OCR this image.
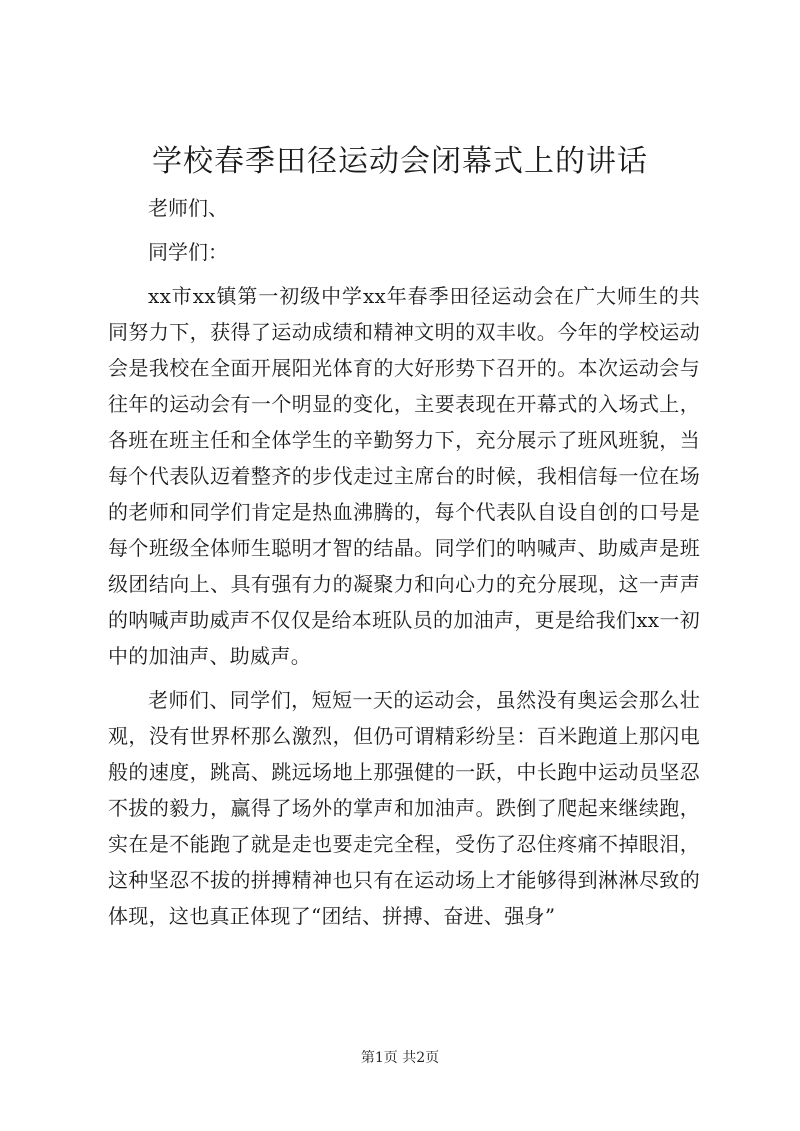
学校春季田径运动会闭幕式上的讲话

老师们、

同学们：

xx市xx镇第一初级中学xx年春季田径运动会在广大师生的共同努力下，获得了运动成绩和精神文明的双丰收。今年的学校运动会是我校在全面开展阳光体育的大好形势下召开的。本次运动会与往年的运动会有一个明显的变化，主要表现在开幕式的入场式上，各班在班主任和全体学生的辛勤努力下，充分展示了班风班貌，当每个代表队迈着整齐的步伐走过主席台的时候，我相信每一位在场的老师和同学们肯定是热血沸腾的，每个代表队自设自创的口号是每个班级全体师生聪明才智的结晶。同学们的呐喊声、助威声是班级团结向上、具有强有力的凝聚力和向心力的充分展现，这一声声的呐喊声助威声不仅仅是给本班队员的加油声，更是给我们xx一初中的加油声、助威声。

老师们、同学们，短短一天的运动会，虽然没有奥运会那么壮观，没有世界杯那么激烈，但仍可谓精彩纷呈：百米跑道上那闪电般的速度，跳高、跳远场地上那强健的一跃，中长跑中运动员坚忍不拔的毅力，赢得了场外的掌声和加油声。跌倒了爬起来继续跑，实在是不能跑了就是走也要走完全程，受伤了忍住疼痛不掉眼泪，这种坚忍不拔的拼搏精神也只有在运动场上才能够得到淋淋尽致的体现，这也真正体现了“团结、拼搏、奋进、强身”

第1页 共2页
